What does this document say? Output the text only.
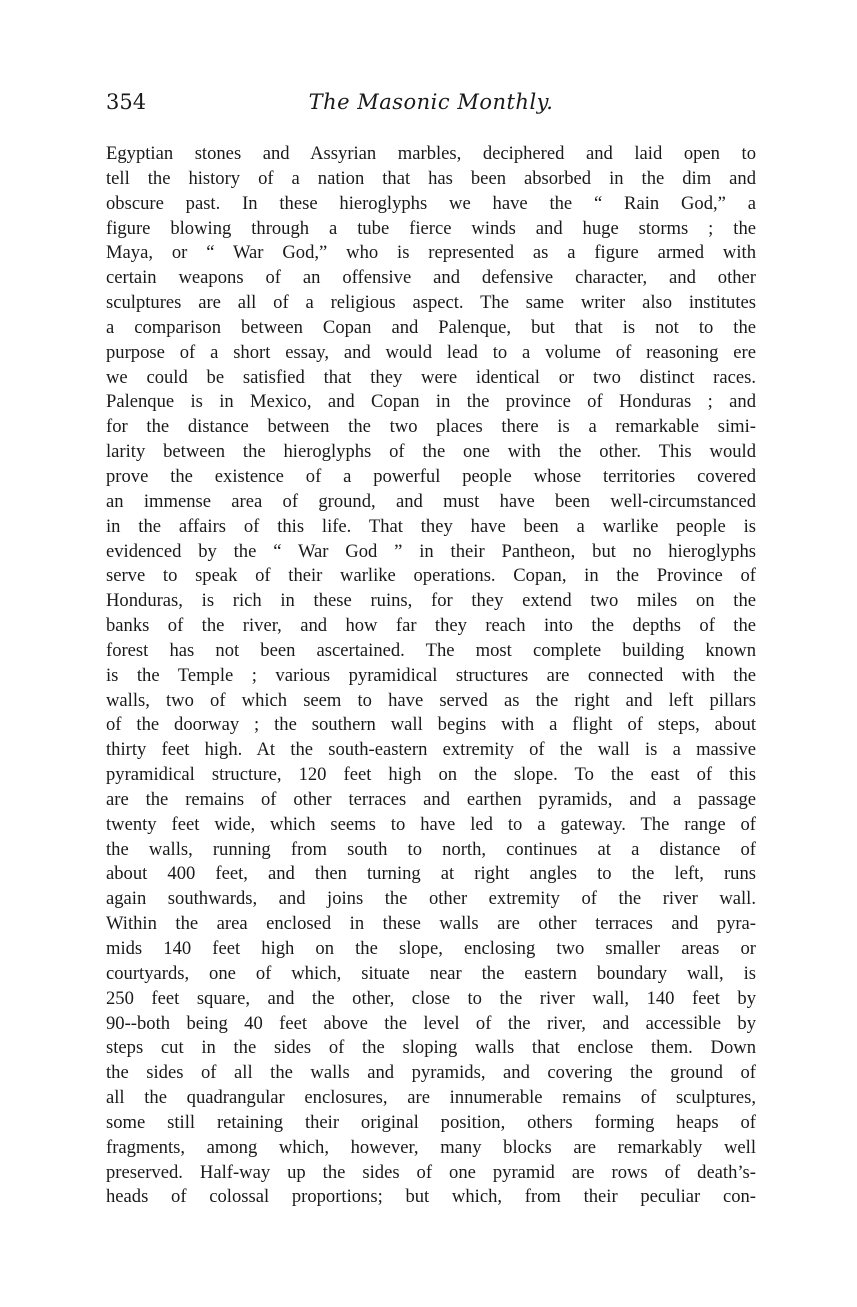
354	The Masonic Monthly.
Egyptian stones and Assyrian marbles, deciphered and laid open to
tell the history of a nation that has been absorbed in the dim and
obscure past. In these hieroglyphs we have the “ Rain God,” a
figure blowing through a tube fierce winds and huge storms ; the
Maya, or “ War God,” who is represented as a figure armed with
certain weapons of an offensive and defensive character, and other
sculptures are all of a religious aspect. The same writer also institutes
a comparison between Copan and Palenque, but that is not to the
purpose of a short essay, and would lead to a volume of reasoning ere
we could be satisfied that they were identical or two distinct races.
Palenque is in Mexico, and Copan in the province of Honduras ; and
for the distance between the two places there is a remarkable simi-
larity between the hieroglyphs of the one with the other. This would
prove the existence of a powerful people whose territories covered
an immense area of ground, and must have been well-circumstanced
in the affairs of this life. That they have been a warlike people is
evidenced by the “ War God ” in their Pantheon, but no hieroglyphs
serve to speak of their warlike operations. Copan, in the Province of
Honduras, is rich in these ruins, for they extend two miles on the
banks of the river, and how far they reach into the depths of the
forest has not been ascertained. The most complete building known
is the Temple ; various pyramidical structures are connected with the
walls, two of which seem to have served as the right and left pillars
of the doorway ; the southern wall begins with a flight of steps, about
thirty feet high. At the south-eastern extremity of the wall is a massive
pyramidical structure, 120 feet high on the slope. To the east of this
are the remains of other terraces and earthen pyramids, and a passage
twenty feet wide, which seems to have led to a gateway. The range of
the walls, running from south to north, continues at a distance of
about 400 feet, and then turning at right angles to the left, runs
again southwards, and joins the other extremity of the river wall.
Within the area enclosed in these walls are other terraces and pyra-
mids 140 feet high on the slope, enclosing two smaller areas or
courtyards, one of which, situate near the eastern boundary wall, is
250 feet square, and the other, close to the river wall, 140 feet by
90--both being 40 feet above the level of the river, and accessible by
steps cut in the sides of the sloping walls that enclose them. Down
the sides of all the walls and pyramids, and covering the ground of
all the quadrangular enclosures, are innumerable remains of sculptures,
some still retaining their original position, others forming heaps of
fragments, among which, however, many blocks are remarkably well
preserved. Half-way up the sides of one pyramid are rows of death’s-
heads of colossal proportions; but which, from their peculiar con-
